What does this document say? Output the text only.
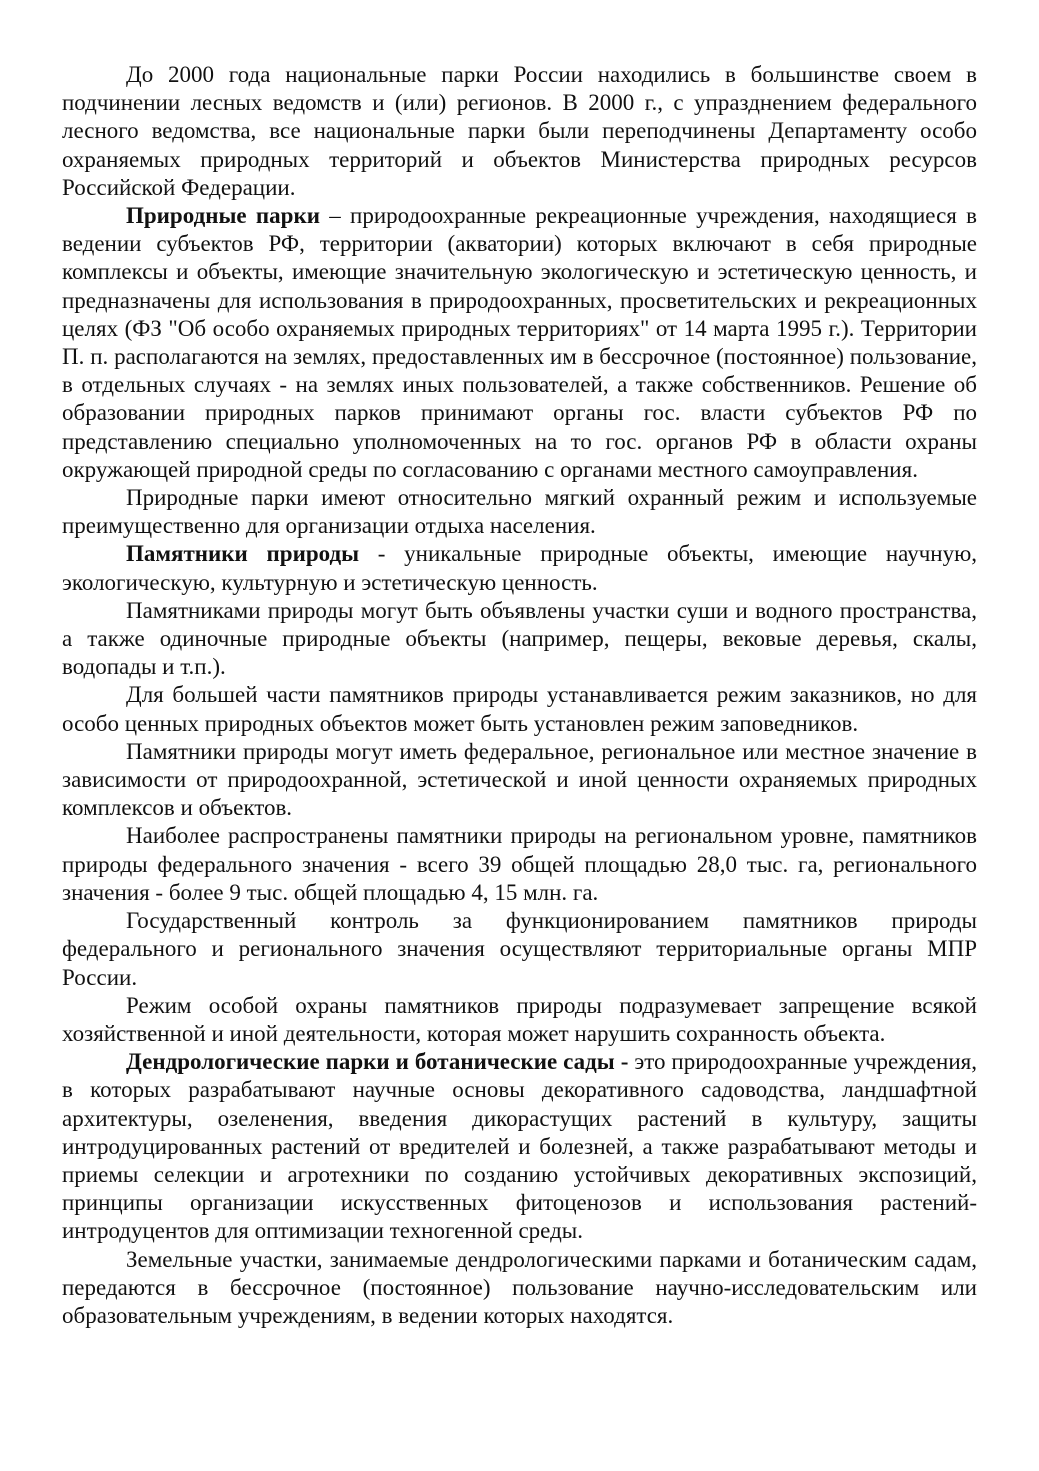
До 2000 года национальные парки России находились в большинстве своем в подчинении лесных ведомств и (или) регионов. В 2000 г., с упразднением федерального лесного ведомства, все национальные парки были переподчинены Департаменту особо охраняемых природных территорий и объектов Министерства природных ресурсов Российской Федерации.

Природные парки – природоохранные рекреационные учреждения, находящиеся в ведении субъектов РФ, территории (акватории) которых включают в себя природные комплексы и объекты, имеющие значительную экологическую и эстетическую ценность, и предназначены для использования в природоохранных, просветительских и рекреационных целях (ФЗ "Об особо охраняемых природных территориях" от 14 марта 1995 г.). Территории П. п. располагаются на землях, предоставленных им в бессрочное (постоянное) пользование, в отдельных случаях - на землях иных пользователей, а также собственников. Решение об образовании природных парков принимают органы гос. власти субъектов РФ по представлению специально уполномоченных на то гос. органов РФ в области охраны окружающей природной среды по согласованию с органами местного самоуправления.

Природные парки имеют относительно мягкий охранный режим и используемые преимущественно для организации отдыха населения.

Памятники природы - уникальные природные объекты, имеющие научную, экологическую, культурную и эстетическую ценность.

Памятниками природы могут быть объявлены участки суши и водного пространства, а также одиночные природные объекты (например, пещеры, вековые деревья, скалы, водопады и т.п.).

Для большей части памятников природы устанавливается режим заказников, но для особо ценных природных объектов может быть установлен режим заповедников.

Памятники природы могут иметь федеральное, региональное или местное значение в зависимости от природоохранной, эстетической и иной ценности охраняемых природных комплексов и объектов.

Наиболее распространены памятники природы на региональном уровне, памятников природы федерального значения - всего 39 общей площадью 28,0 тыс. га, регионального значения - более 9 тыс. общей площадью 4, 15 млн. га.

Государственный контроль за функционированием памятников природы федерального и регионального значения осуществляют территориальные органы МПР России.

Режим особой охраны памятников природы подразумевает запрещение всякой хозяйственной и иной деятельности, которая может нарушить сохранность объекта.

Дендрологические парки и ботанические сады - это природоохранные учреждения, в которых разрабатывают научные основы декоративного садоводства, ландшафтной архитектуры, озеленения, введения дикорастущих растений в культуру, защиты интродуцированных растений от вредителей и болезней, а также разрабатывают методы и приемы селекции и агротехники по созданию устойчивых декоративных экспозиций, принципы организации искусственных фитоценозов и использования растений-интродуцентов для оптимизации техногенной среды.

Земельные участки, занимаемые дендрологическими парками и ботаническим садам, передаются в бессрочное (постоянное) пользование научно-исследовательским или образовательным учреждениям, в ведении которых находятся.
